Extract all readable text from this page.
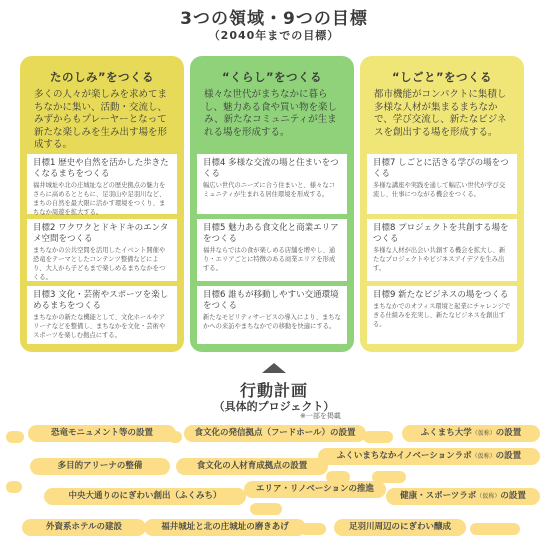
3つの領域・9つの目標
（2040年までの目標）
たのしみ”をつくる
多くの人々が楽しみを求めてまちなかに集い、活動・交流し、みずからもプレーヤーとなって新たな楽しみを生み出す場を形成する。
目標1 歴史や自然を活かした歩きたくなるまちをつくる
福井城址や北の庄城址などの歴史拠点の魅力をさらに高めるとともに、足羽山や足羽川など、まちの自然を最大限に活かす環境をつくり、まちなか周遊を拡大する。
目標2 ワクワクとドキドキのエンタメ空間をつくる
まちなかの公共空間を活用したイベント開催や恐竜をテーマとしたコンテンツ整備などにより、大人から子どもまで楽しめるまちなかをつくる。
目標3 文化・芸術やスポーツを楽しめるまちをつくる
まちなかの新たな機能として、文化ホールやアリーナなどを整備し、まちなかを文化・芸術やスポーツを楽しむ拠点にする。
“くらし”をつくる
様々な世代がまちなかに暮らし、魅力ある食や買い物を楽しみ、新たなコミュニティが生まれる場を形成する。
目標4 多様な交流の場と住まいをつくる
幅広い世代のニーズに合う住まいと、様々なコミュニティが生まれる居住環境を形成する。
目標5 魅力ある食文化と商業エリアをつくる
福井ならではの食が楽しめる店舗を増やし、通り・エリアごとに特徴のある商業エリアを形成する。
目標6 誰もが移動しやすい交通環境をつくる
新たなモビリティサービスの導入により、まちなかへの来訪やまちなかでの移動を快適にする。
“しごと”をつくる
都市機能がコンパクトに集積し多様な人材が集まるまちなかで、学び交流し、新たなビジネスを創出する場を形成する。
目標7 しごとに活きる学びの場をつくる
多様な講座や実践を通して幅広い世代が学び交流し、仕事につながる機会をつくる。
目標8 プロジェクトを共創する場をつくる
多様な人材が出会い共創する機会を拡大し、新たなプロジェクトやビジネスアイデアを生み出す。
目標9 新たなビジネスの場をつくる
まちなかでのオフィス環境と起業にチャレンジできる仕組みを充実し、新たなビジネスを創出する。
行動計画
（具体的プロジェクト）
※一部を掲載
恐竜モニュメント等の設置	食文化の発信拠点（フードホール）の設置	ふくまち大学（仮称）の設置
多目的アリーナの整備	食文化の人材育成拠点の設置
ふくいまちなかイノベーションラボ（仮称）の設置
中央大通りのにぎわい創出（ふくみち）
エリア・リノベーションの推進
健康・スポーツラボ（仮称）の設置
外資系ホテルの建設	福井城址と北の庄城址の磨きあげ	足羽川周辺のにぎわい醸成
